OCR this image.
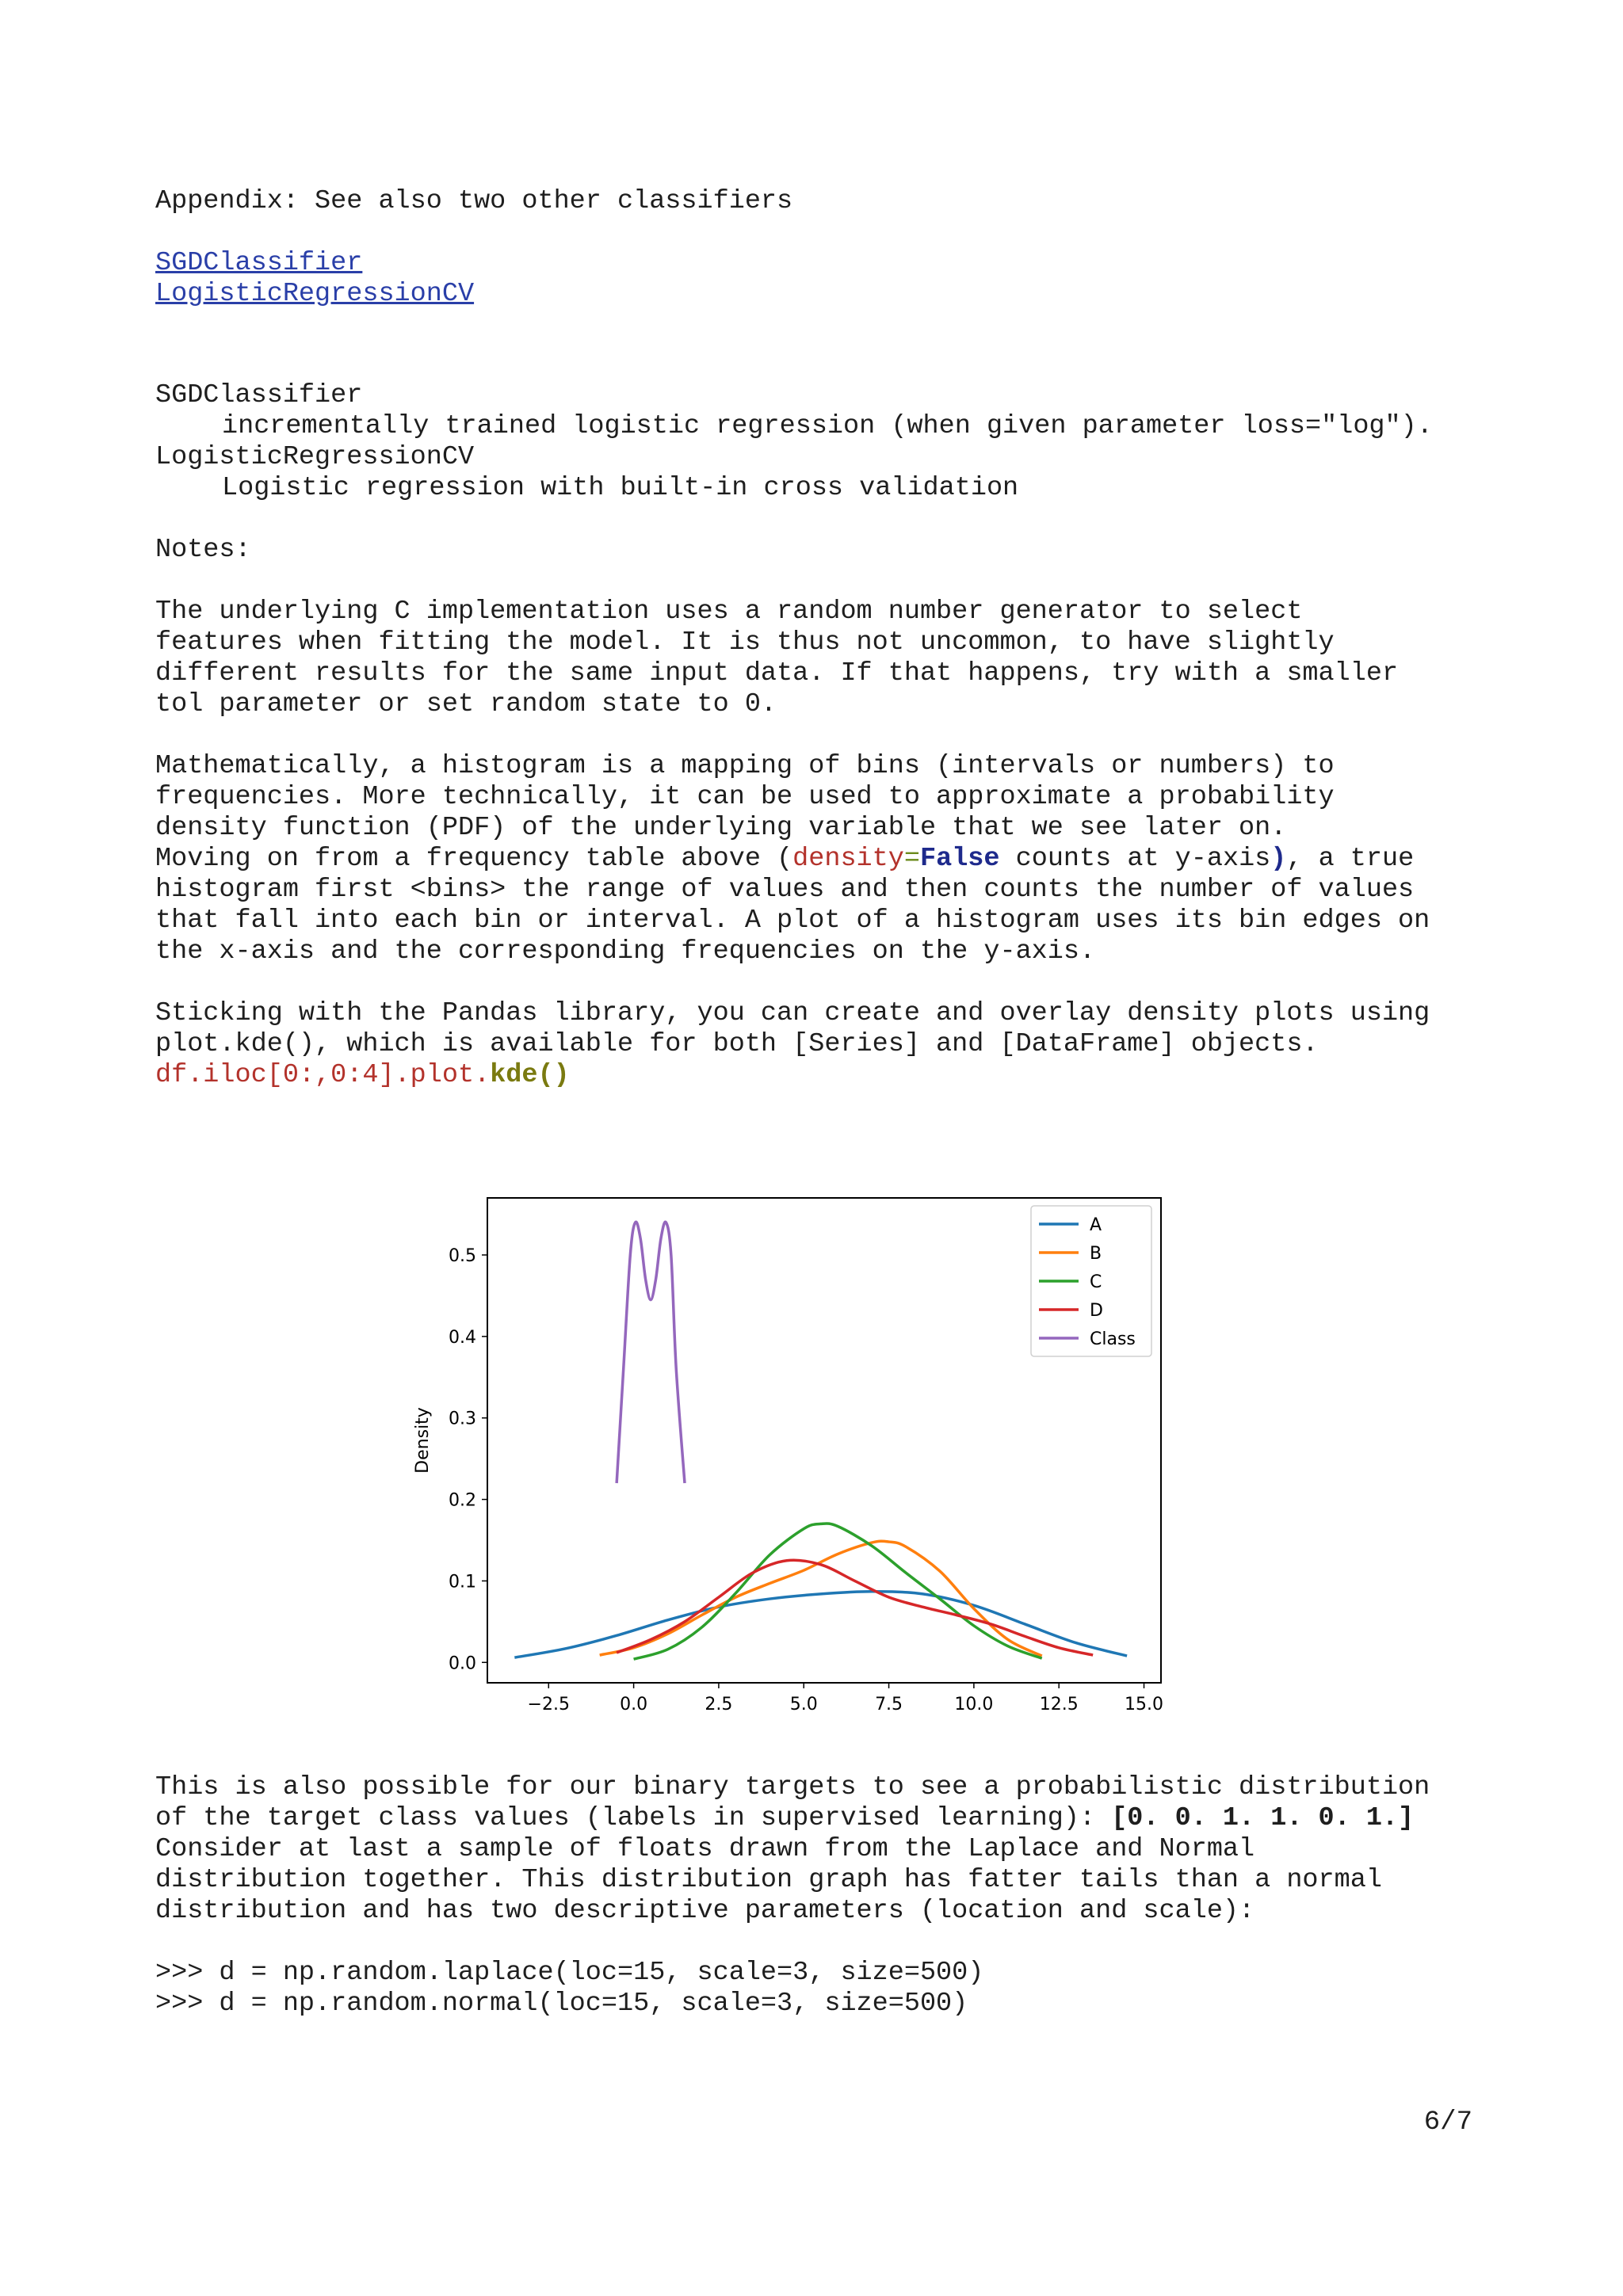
Appendix: See also two other classifiers
SGDClassifier
LogisticRegressionCV
SGDClassifier
incrementally trained logistic regression (when given parameter loss="log").
LogisticRegressionCV
Logistic regression with built-in cross validation
Notes:
The underlying C implementation uses a random number generator to select
features when fitting the model. It is thus not uncommon, to have slightly
different results for the same input data. If that happens, try with a smaller
tol parameter or set random state to 0.
Mathematically, a histogram is a mapping of bins (intervals or numbers) to
frequencies. More technically, it can be used to approximate a probability
density function (PDF) of the underlying variable that we see later on.
Moving on from a frequency table above (density=False counts at y-axis), a true
histogram first <bins> the range of values and then counts the number of values
that fall into each bin or interval. A plot of a histogram uses its bin edges on
the x-axis and the corresponding frequencies on the y-axis.
Sticking with the Pandas library, you can create and overlay density plots using
plot.kde(), which is available for both [Series] and [DataFrame] objects.
df.iloc[0:,0:4].plot.kde()
−2.5	0.0	2.5	5.0	7.5	10.0	12.5	15.0
0.0
0.1
0.2
0.3
0.4
0.5
Density
A
B
C
D
Class
This is also possible for our binary targets to see a probabilistic distribution
of the target class values (labels in supervised learning): [0. 0. 1. 1. 0. 1.]
Consider at last a sample of floats drawn from the Laplace and Normal
distribution together. This distribution graph has fatter tails than a normal
distribution and has two descriptive parameters (location and scale):
>>> d = np.random.laplace(loc=15, scale=3, size=500)
>>> d = np.random.normal(loc=15, scale=3, size=500)
6/7
